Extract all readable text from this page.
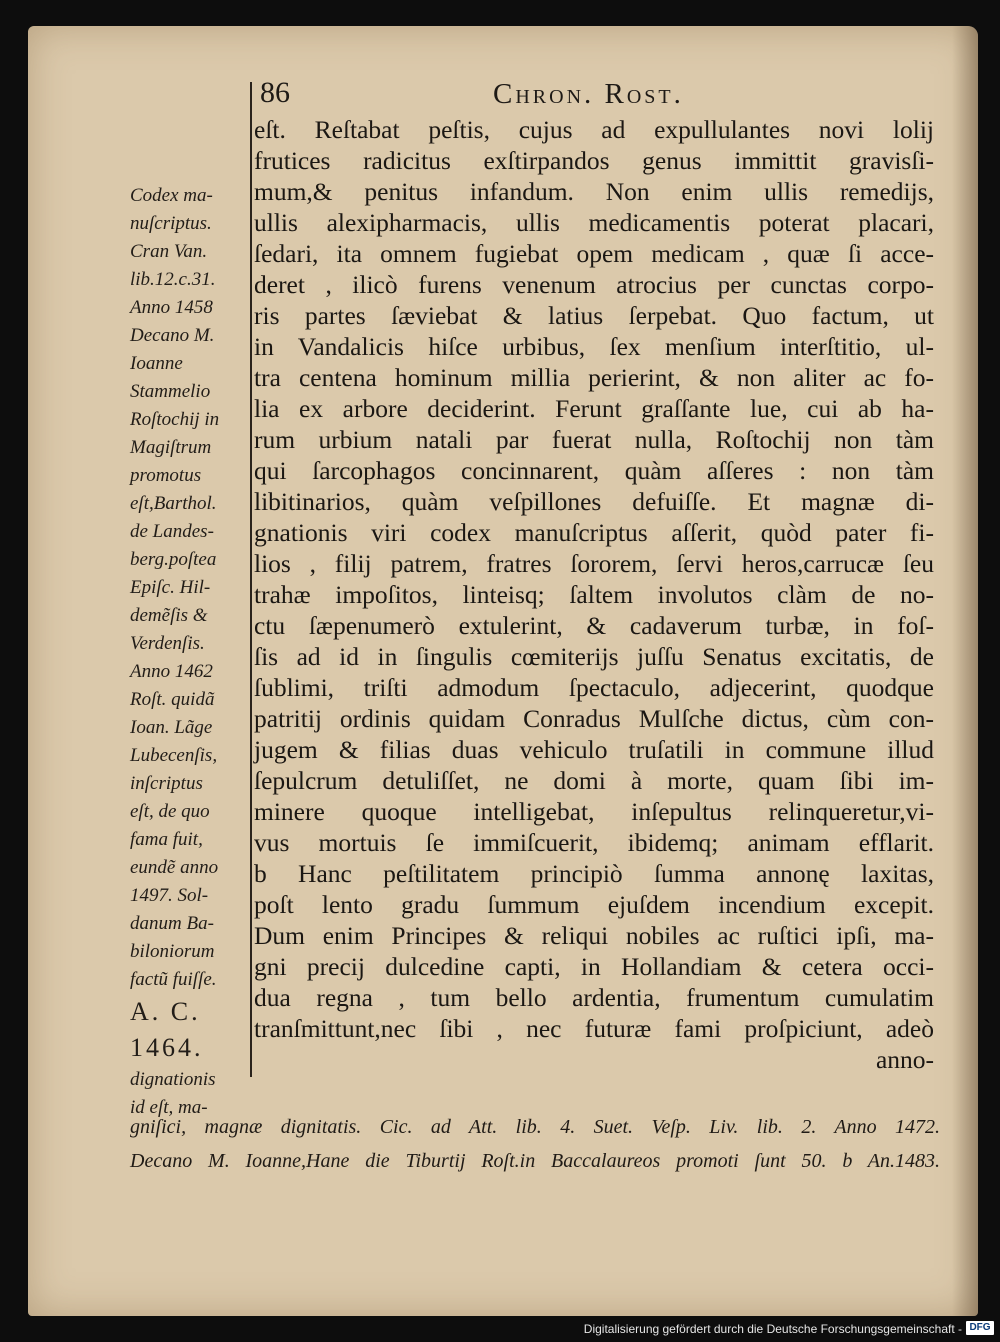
86	Chron. Rost.
Codex ma-
nuſcriptus.
Cran Van.
lib.12.c.31.
Anno 1458
Decano M.
Ioanne
Stammelio
Roſtochij in
Magiſtrum
promotus
eſt,Barthol.
de Landes-
berg.poſtea
Epiſc. Hil-
demẽſis &
Verdenſis.
Anno 1462
Roſt. quidã
Ioan. Lãge
Lubecenſis,
inſcriptus
eſt, de quo
fama fuit,
eundẽ anno
1497. Sol-
danum Ba-
biloniorum
factũ fuiſſe.
A. C.
1464.
dignationis
id eſt, ma-
eſt. Reſtabat peſtis, cujus ad expullulantes novi lolij
frutices radicitus exſtirpandos genus immittit gravisſi-
mum,& penitus infandum. Non enim ullis remedijs,
ullis alexipharmacis, ullis medicamentis poterat placari,
ſedari, ita omnem fugiebat opem medicam , quæ ſi acce-
deret , ilicò furens venenum atrocius per cunctas corpo-
ris partes ſæviebat & latius ſerpebat. Quo factum, ut
in Vandalicis hiſce urbibus, ſex menſium interſtitio, ul-
tra centena hominum millia perierint, & non aliter ac fo-
lia ex arbore deciderint. Ferunt graſſante lue, cui ab ha-
rum urbium natali par fuerat nulla, Roſtochij non tàm
qui ſarcophagos concinnarent, quàm aſſeres : non tàm
libitinarios, quàm veſpillones defuiſſe. Et magnæ di-
gnationis viri codex manuſcriptus aſſerit, quòd pater fi-
lios , filij patrem, fratres ſororem, ſervi heros,carrucæ ſeu
trahæ impoſitos, linteisq; ſaltem involutos clàm de no-
ctu ſæpenumerò extulerint, & cadaverum turbæ, in foſ-
ſis ad id in ſingulis cœmiterijs juſſu Senatus excitatis, de
ſublimi, triſti admodum ſpectaculo, adjecerint, quodque
patritij ordinis quidam Conradus Mulſche dictus, cùm con-
jugem & filias duas vehiculo truſatili in commune illud
ſepulcrum detuliſſet, ne domi à morte, quam ſibi im-
minere quoque intelligebat, inſepultus relinqueretur,vi-
vus mortuis ſe immiſcuerit, ibidemq; animam efflarit.
b Hanc peſtilitatem principiò ſumma annonę laxitas,
poſt lento gradu ſummum ejuſdem incendium excepit.
Dum enim Principes & reliqui nobiles ac ruſtici ipſi, ma-
gni precij dulcedine capti, in Hollandiam & cetera occi-
dua regna , tum bello ardentia, frumentum cumulatim
tranſmittunt,nec ſibi , nec futuræ fami proſpiciunt, adeò
anno-
gniſici, magnæ dignitatis. Cic. ad Att. lib. 4. Suet. Veſp. Liv. lib. 2. Anno 1472.
Decano M. Ioanne,Hane die Tiburtij Roſt.in Baccalaureos promoti ſunt 50. b An.1483.
Digitalisierung gefördert durch die Deutsche Forschungsgemeinschaft - DFG
